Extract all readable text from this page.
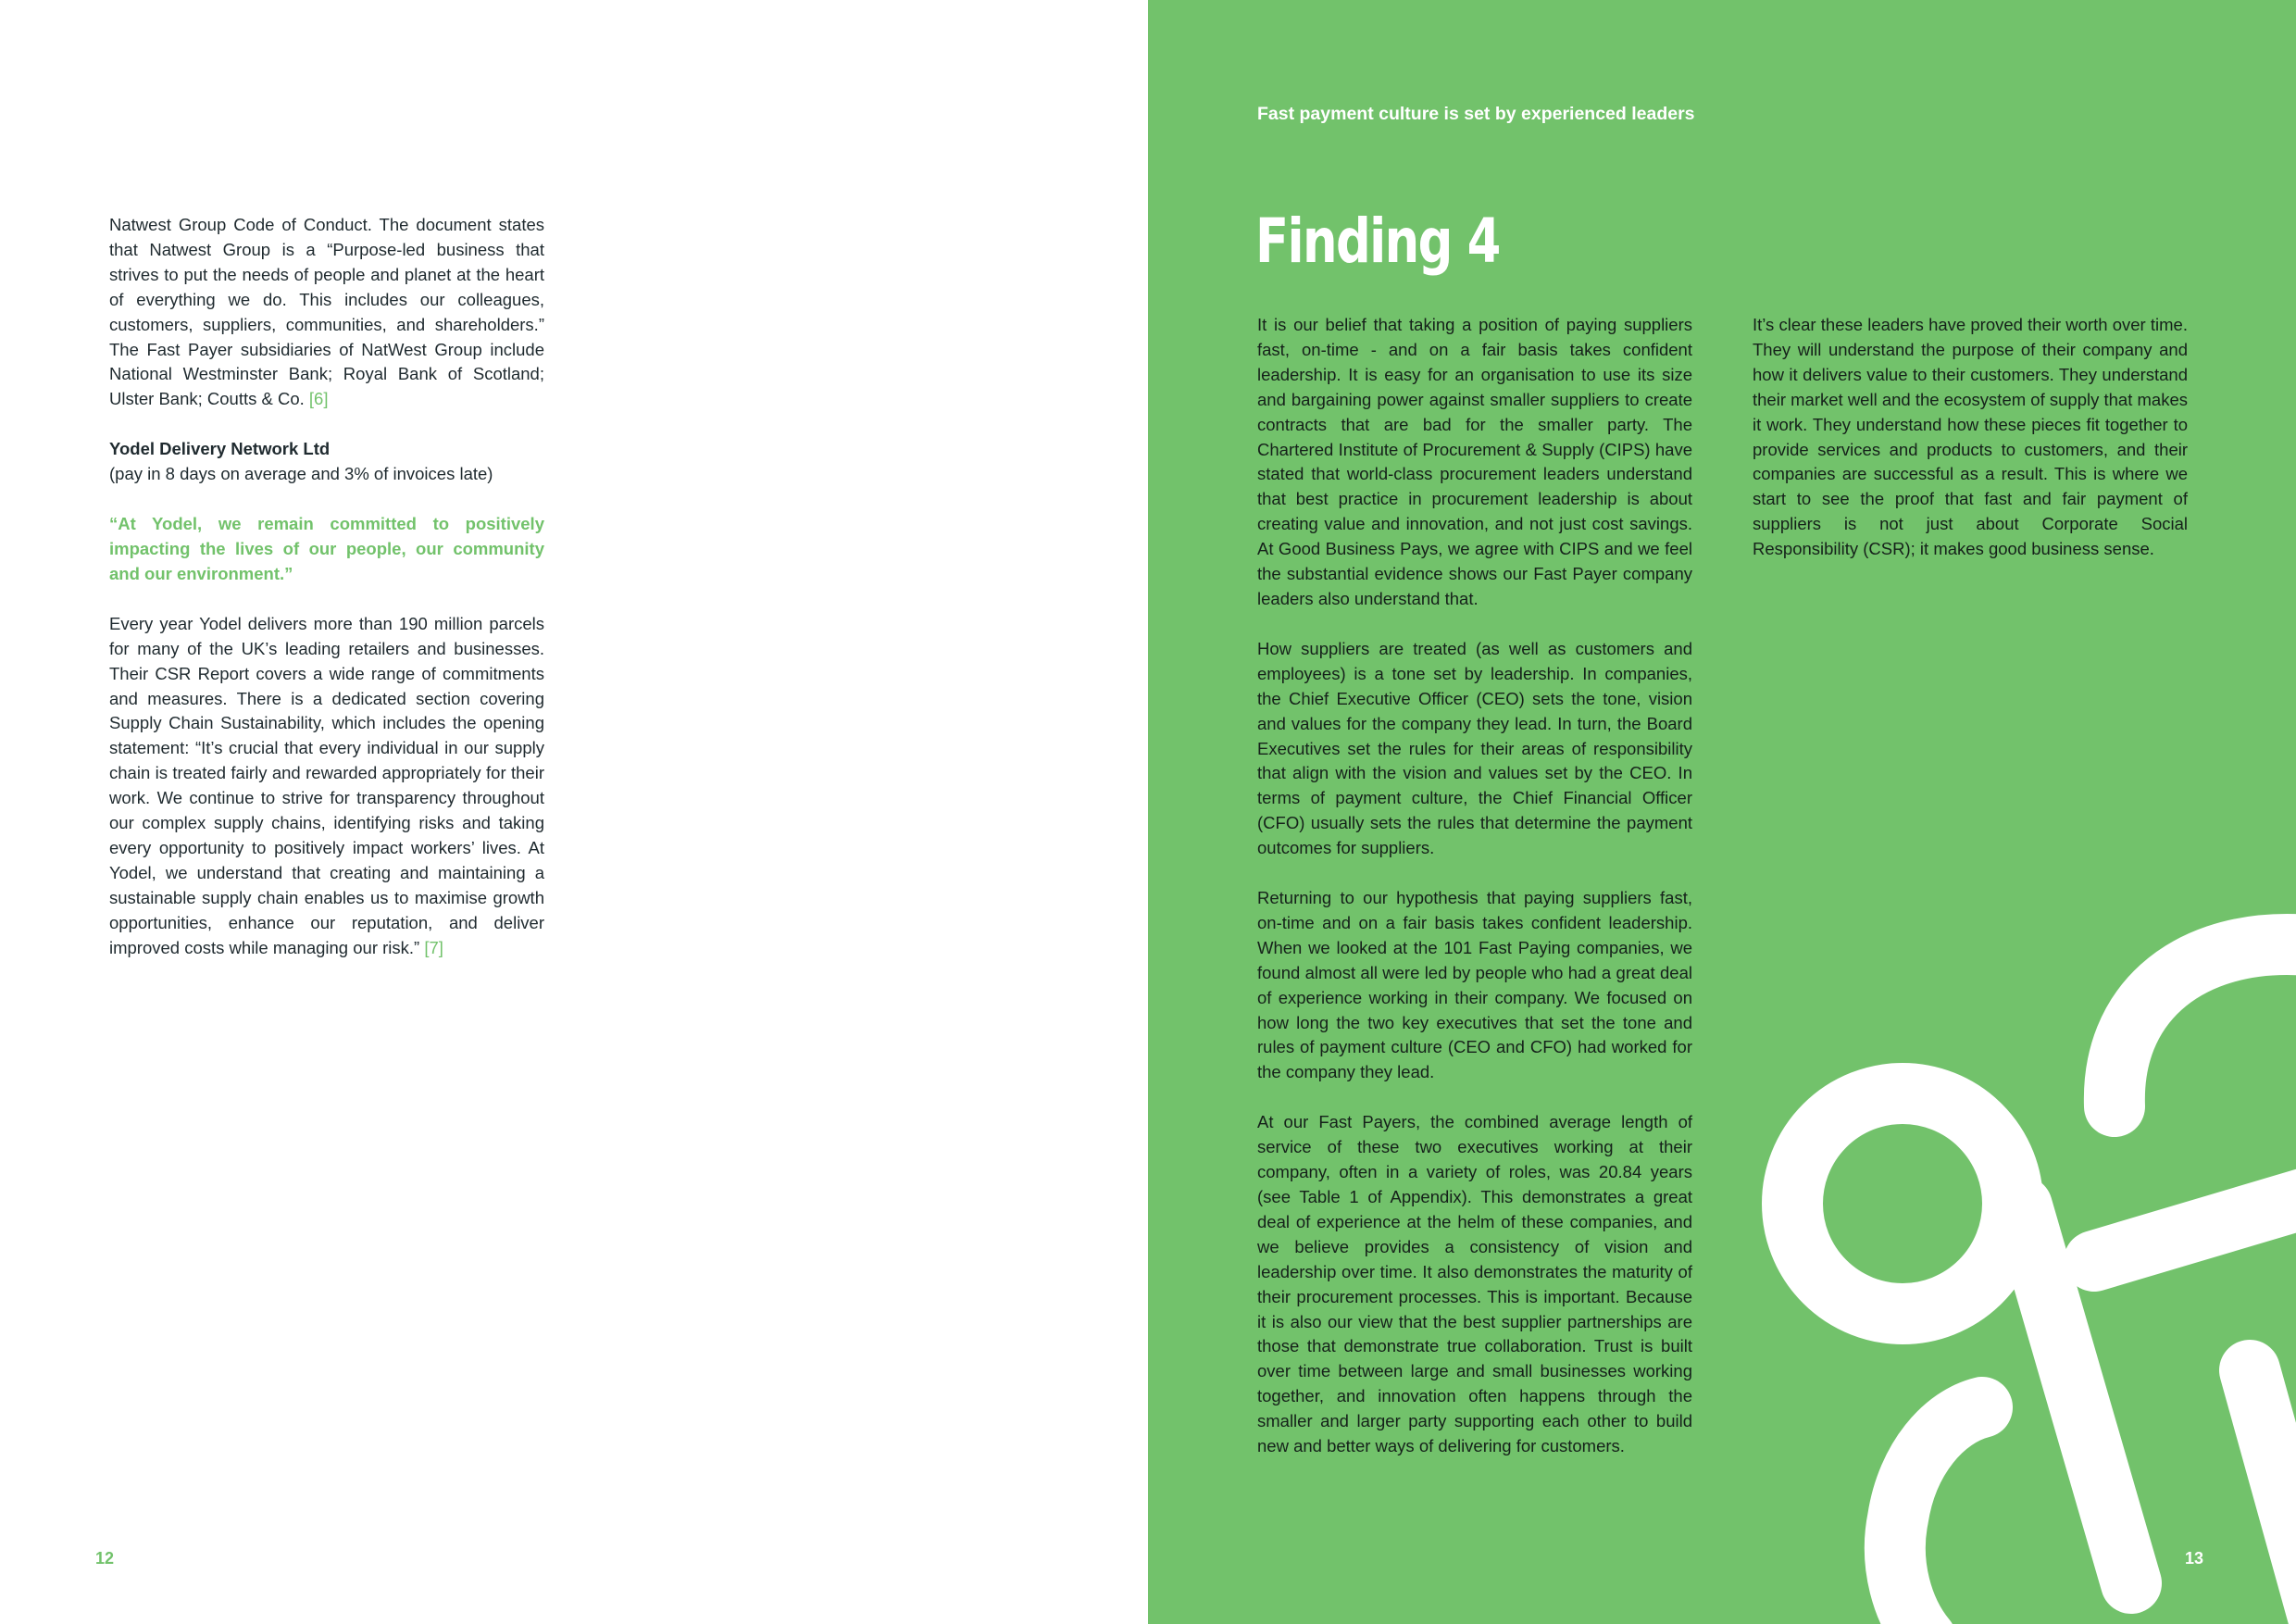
Natwest Group Code of Conduct. The document states that Natwest Group is a “Purpose-led business that strives to put the needs of people and planet at the heart of everything we do. This includes our colleagues, customers, suppliers, communities, and shareholders.” The Fast Payer subsidiaries of NatWest Group include National Westminster Bank; Royal Bank of Scotland; Ulster Bank; Coutts & Co. [6]

Yodel Delivery Network Ltd
(pay in 8 days on average and 3% of invoices late)

“At Yodel, we remain committed to positively impacting the lives of our people, our community and our environment.”

Every year Yodel delivers more than 190 million parcels for many of the UK’s leading retailers and businesses. Their CSR Report covers a wide range of commitments and measures. There is a dedicated section covering Supply Chain Sustainability, which includes the opening statement: “It’s crucial that every individual in our supply chain is treated fairly and rewarded appropriately for their work. We continue to strive for transparency throughout our complex supply chains, identifying risks and taking every opportunity to positively impact workers’ lives. At Yodel, we understand that creating and maintaining a sustainable supply chain enables us to maximise growth opportunities, enhance our reputation, and deliver improved costs while managing our risk.” [7]

12
Fast payment culture is set by experienced leaders
Finding 4

It is our belief that taking a position of paying suppliers fast, on-time - and on a fair basis takes confident leadership. It is easy for an organisation to use its size and bargaining power against smaller suppliers to create contracts that are bad for the smaller party. The Chartered Institute of Procurement & Supply (CIPS) have stated that world-class procurement leaders understand that best practice in procurement leadership is about creating value and innovation, and not just cost savings. At Good Business Pays, we agree with CIPS and we feel the substantial evidence shows our Fast Payer company leaders also understand that.

How suppliers are treated (as well as customers and employees) is a tone set by leadership. In companies, the Chief Executive Officer (CEO) sets the tone, vision and values for the company they lead. In turn, the Board Executives set the rules for their areas of responsibility that align with the vision and values set by the CEO. In terms of payment culture, the Chief Financial Officer (CFO) usually sets the rules that determine the payment outcomes for suppliers.

Returning to our hypothesis that paying suppliers fast, on-time and on a fair basis takes confident leadership. When we looked at the 101 Fast Paying companies, we found almost all were led by people who had a great deal of experience working in their company. We focused on how long the two key executives that set the tone and rules of payment culture (CEO and CFO) had worked for the company they lead.

At our Fast Payers, the combined average length of service of these two executives working at their company, often in a variety of roles, was 20.84 years (see Table 1 of Appendix). This demonstrates a great deal of experience at the helm of these companies, and we believe provides a consistency of vision and leadership over time. It also demonstrates the maturity of their procurement processes. This is important. Because it is also our view that the best supplier partnerships are those that demonstrate true collaboration. Trust is built over time between large and small businesses working together, and innovation often happens through the smaller and larger party supporting each other to build new and better ways of delivering for customers.

It’s clear these leaders have proved their worth over time. They will understand the purpose of their company and how it delivers value to their customers. They understand their market well and the ecosystem of supply that makes it work. They understand how these pieces fit together to provide services and products to customers, and their companies are successful as a result. This is where we start to see the proof that fast and fair payment of suppliers is not just about Corporate Social Responsibility (CSR); it makes good business sense.

13
